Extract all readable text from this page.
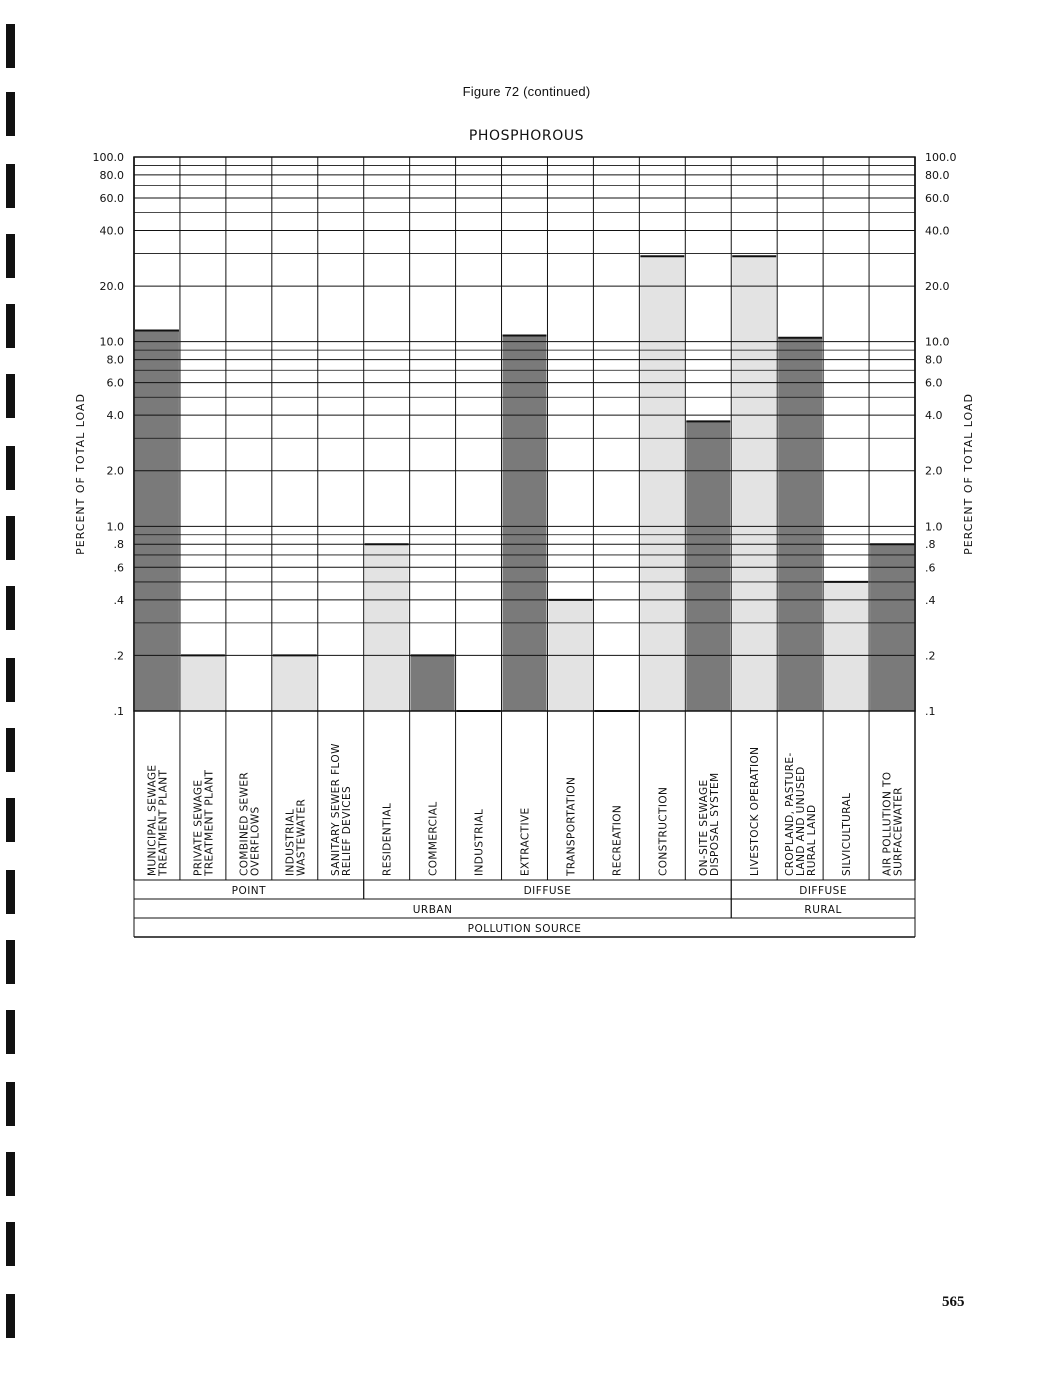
Figure 72 (continued)
PHOSPHOROUS
100.0	100.0
80.0	80.0
60.0	60.0
40.0	40.0
20.0	20.0
10.0	10.0
8.0	8.0
6.0	6.0
4.0	4.0
2.0	2.0
1.0	1.0
.8	.8
.6	.6
.4	.4
.2	.2
.1	.1
PERCENT OF TOTAL LOAD	PERCENT OF TOTAL LOAD
MUNICIPAL SEWAGE TREATMENT PLANT PRIVATE SEWAGE TREATMENT PLANT COMBINED SEWER OVERFLOWS INDUSTRIAL WASTEWATER SANITARY SEWER FLOW RELIEF DEVICES	RESIDENTIAL	COMMERCIAL	INDUSTRIAL	EXTRACTIVE	TRANSPORTATION	RECREATION	CONSTRUCTION	ON-SITE SEWAGE DISPOSAL SYSTEM	LIVESTOCK OPERATION CROPLAND, PASTURE- LAND AND UNUSED RURAL LAND SILVICULTURAL	AIR POLLUTION TO SURFACEWATER
POINT	DIFFUSE	DIFFUSE
URBAN	RURAL
POLLUTION SOURCE
565
